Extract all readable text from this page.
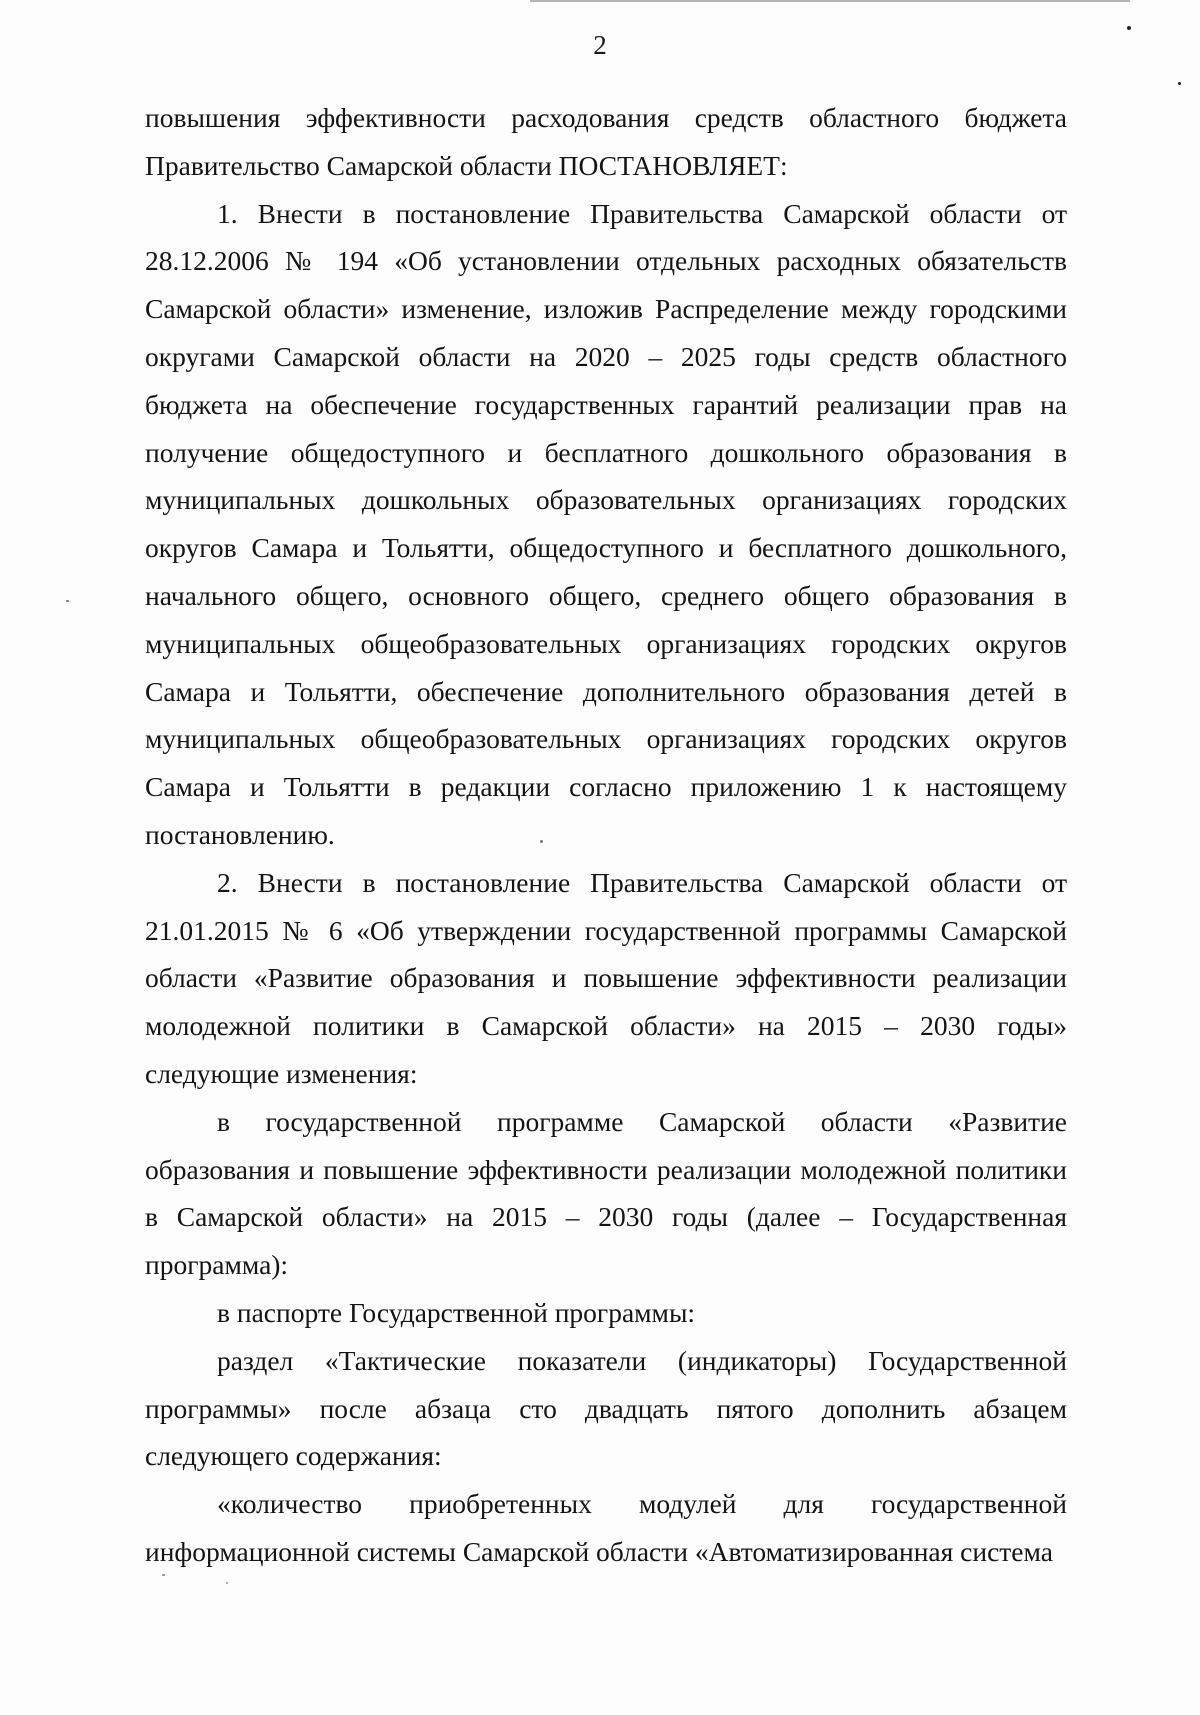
2

повышения эффективности расходования средств областного бюджета Правительство Самарской области ПОСТАНОВЛЯЕТ:

1. Внести в постановление Правительства Самарской области от 28.12.2006 № 194 «Об установлении отдельных расходных обязательств Самарской области» изменение, изложив Распределение между городскими округами Самарской области на 2020 – 2025 годы средств областного бюджета на обеспечение государственных гарантий реализации прав на получение общедоступного и бесплатного дошкольного образования в муниципальных дошкольных образовательных организациях городских округов Самара и Тольятти, общедоступного и бесплатного дошкольного, начального общего, основного общего, среднего общего образования в муниципальных общеобразовательных организациях городских округов Самара и Тольятти, обеспечение дополнительного образования детей в муниципальных общеобразовательных организациях городских округов Самара и Тольятти в редакции согласно приложению 1 к настоящему постановлению.

2. Внести в постановление Правительства Самарской области от 21.01.2015 № 6 «Об утверждении государственной программы Самарской области «Развитие образования и повышение эффективности реализации молодежной политики в Самарской области» на 2015 – 2030 годы» следующие изменения:

в государственной программе Самарской области «Развитие образования и повышение эффективности реализации молодежной политики в Самарской области» на 2015 – 2030 годы (далее – Государственная программа):

в паспорте Государственной программы:

раздел «Тактические показатели (индикаторы) Государственной программы» после абзаца сто двадцать пятого дополнить абзацем следующего содержания:

«количество приобретенных модулей для государственной информационной системы Самарской области «Автоматизированная система
